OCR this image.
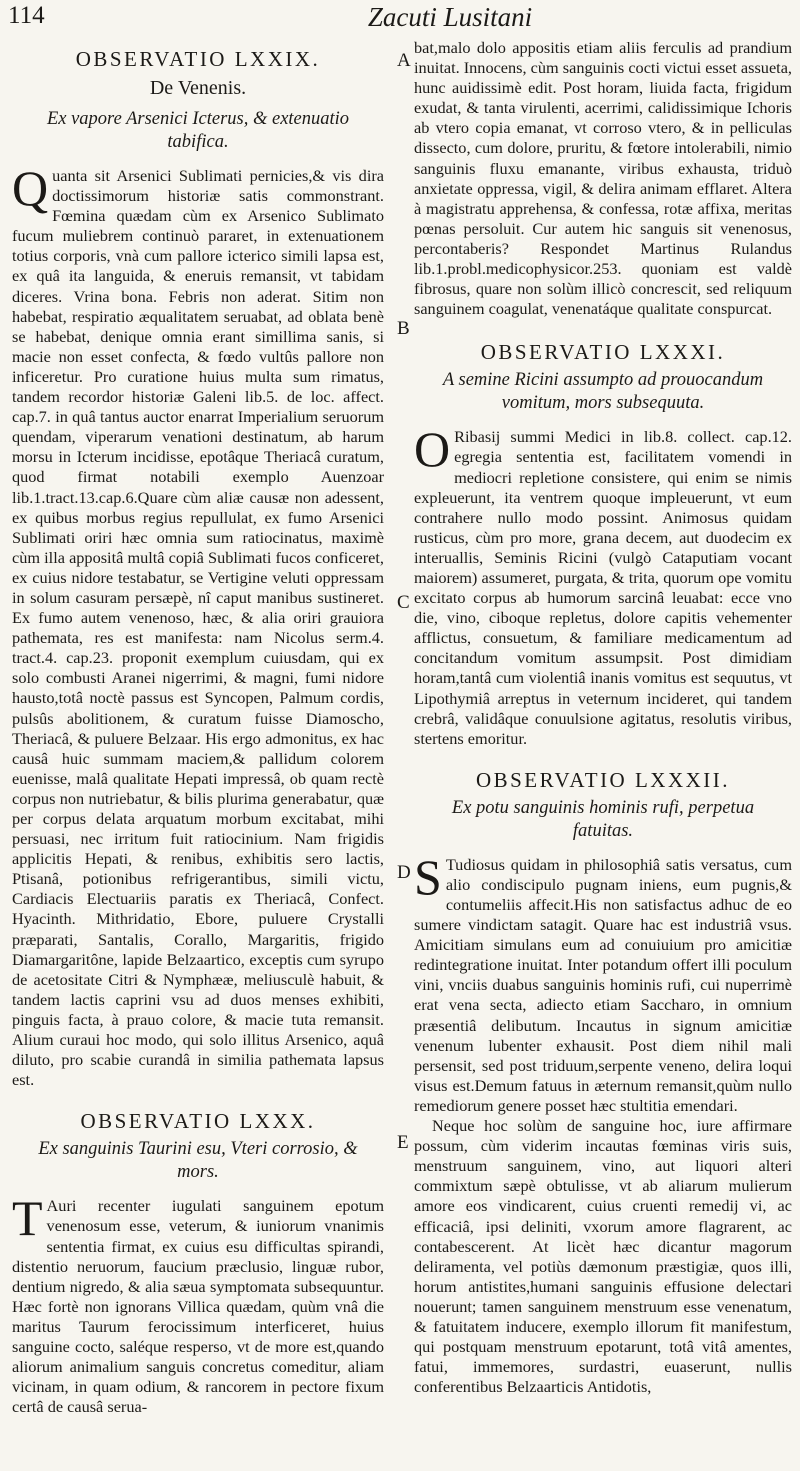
114	Zacuti Lusitani
A
B
C
D
E
OBSERVATIO LXXIX.
De Venenis.
Ex vapore Arsenici Icterus, & extenuatio tabifica.

Quanta sit Arsenici Sublimati pernicies,& vis dira doctissimorum historiæ satis commonstrant. Fœmina quædam cùm ex Arsenico Sublimato fucum muliebrem continuò pararet, in extenuationem totius corporis, vnà cum pallore icterico simili lapsa est, ex quâ ita languida, & eneruis remansit, vt tabidam diceres. Vrina bona. Febris non aderat. Sitim non habebat, respiratio æqualitatem seruabat, ad oblata benè se habebat, denique omnia erant simillima sanis, si macie non esset confecta, & fœdo vultûs pallore non inficeretur. Pro curatione huius multa sum rimatus, tandem recordor historiæ Galeni lib.5. de loc. affect. cap.7. in quâ tantus auctor enarrat Imperialium seruorum quendam, viperarum venationi destinatum, ab harum morsu in Icterum incidisse, epotâque Theriacâ curatum, quod firmat notabili exemplo Auenzoar lib.1.tract.13.cap.6.Quare cùm aliæ causæ non adessent, ex quibus morbus regius repullulat, ex fumo Arsenici Sublimati oriri hæc omnia sum ratiocinatus, maximè cùm illa appositâ multâ copiâ Sublimati fucos conficeret, ex cuius nidore testabatur, se Vertigine veluti oppressam in solum casuram persæpè, nî caput manibus sustineret. Ex fumo autem venenoso, hæc, & alia oriri grauiora pathemata, res est manifesta: nam Nicolus serm.4. tract.4. cap.23. proponit exemplum cuiusdam, qui ex solo combusti Aranei nigerrimi, & magni, fumi nidore hausto,totâ noctè passus est Syncopen, Palmum cordis, pulsûs abolitionem, & curatum fuisse Diamoscho, Theriacâ, & puluere Belzaar. His ergo admonitus, ex hac causâ huic summam maciem,& pallidum colorem euenisse, malâ qualitate Hepati impressâ, ob quam rectè corpus non nutriebatur, & bilis plurima generabatur, quæ per corpus delata arquatum morbum excitabat, mihi persuasi, nec irritum fuit ratiocinium. Nam frigidis applicitis Hepati, & renibus, exhibitis sero lactis, Ptisanâ, potionibus refrigerantibus, simili victu, Cardiacis Electuariis paratis ex Theriacâ, Confect. Hyacinth. Mithridatio, Ebore, puluere Crystalli præparati, Santalis, Corallo, Margaritis, frigido Diamargaritône, lapide Belzaartico, exceptis cum syrupo de acetositate Citri & Nymphææ, meliusculè habuit, & tandem lactis caprini vsu ad duos menses exhibiti, pinguis facta, à prauo colore, & macie tuta remansit. Alium curaui hoc modo, qui solo illitus Arsenico, aquâ diluto, pro scabie curandâ in similia pathemata lapsus est.

OBSERVATIO LXXX.
Ex sanguinis Taurini esu, Vteri corrosio, & mors.

T Auri recenter iugulati sanguinem epotum venenosum esse, veterum, & iuniorum vnanimis sententia firmat, ex cuius esu difficultas spirandi, distentio neruorum, faucium præclusio, linguæ rubor, dentium nigredo, & alia sæua symptomata subsequuntur. Hæc fortè non ignorans Villica quædam, quùm vnâ die maritus Taurum ferocissimum interficeret, huius sanguine cocto, saléque respersο, vt de more est,quando aliorum animalium sanguis concretus comeditur, aliam vicinam, in quam odium, & rancorem in pectore fixum certâ de causâ serua-

bat,malo dolo appositis etiam aliis ferculis ad prandium inuitat. Innocens, cùm sanguinis cocti victui esset assueta, hunc auidissimè edit. Post horam, liuida facta, frigidum exudat, & tanta virulenti, acerrimi, calidissimique Ichoris ab vtero copia emanat, vt corroso vtero, & in pelliculas dissecto, cum dolore, pruritu, & fœtore intolerabili, nimio sanguinis fluxu emanante, viribus exhausta, triduò anxietate oppressa, vigil, & delira animam efflaret. Altera à magistratu apprehensa, & confessa, rotæ affixa, meritas pœnas persoluit. Cur autem hic sanguis sit venenosus, percontaberis? Respondet Martinus Rulandus lib.1.probl.medicophysicor.253. quoniam est valdè fibrosus, quare non solùm illicò concrescit, sed reliquum sanguinem coagulat, venenatáque qualitate conspurcat.

OBSERVATIO LXXXI.
A semine Ricini assumpto ad prouocandum vomitum, mors subsequuta.

O Ribasij summi Medici in lib.8. collect. cap.12. egregia sententia est, facilitatem vomendi in mediocri repletione consistere, qui enim se nimis expleuerunt, ita ventrem quoque impleuerunt, vt eum contrahere nullo modo possint. Animosus quidam rusticus, cùm pro more, grana decem, aut duodecim ex interuallis, Seminis Ricini (vulgò Cataputiam vocant maiorem) assumeret, purgata, & trita, quorum ope vomitu excitato corpus ab humorum sarcinâ leuabat: ecce vno die, vino, ciboque repletus, dolore capitis vehementer afflictus, consuetum, & familiare medicamentum ad concitandum vomitum assumpsit. Post dimidiam horam,tantâ cum violentiâ inanis vomitus est sequutus, vt Lipothymiâ arreptus in veternum incideret, qui tandem crebrâ, validâque conuulsione agitatus, resolutis viribus, stertens emoritur.

OBSERVATIO LXXXII.
Ex potu sanguinis hominis rufi, perpetua fatuitas.

S Tudiosus quidam in philosophiâ satis versatus, cum alio condiscipulo pugnam iniens, eum pugnis,& contumeliis affecit.His non satisfactus adhuc de eo sumere vindictam satagit. Quare hac est industriâ vsus. Amicitiam simulans eum ad conuiuium pro amicitiæ redintegratione inuitat. Inter potandum offert illi poculum vini, vnciis duabus sanguinis hominis rufi, cui nuperrimè erat vena secta, adiecto etiam Sacchаro, in omnium præsentiâ delibutum. Incautus in signum amicitiæ venenum lubenter exhausit. Post diem nihil mali persensit, sed post triduum,serpente veneno, delira loqui visus est.Demum fatuus in æternum remansit,quùm nullo remediorum genere posset hæc stultitia emendari.

Neque hoc solùm de sanguine hoc, iure affirmare possum, cùm viderim incautas fœminas viris suis, menstruum sanguinem, vino, aut liquori alteri commixtum sæpè obtulisse, vt ab aliarum mulierum amore eos vindicarent, cuius cruenti remedij vi, ac efficaciâ, ipsi deliniti, vxorum amore flagrarent, ac contabescerent. At licèt hæc dicantur magorum deliramenta, vel potiùs dæmonum præstigiæ, quos illi, horum antistites,humani sanguinis effusione delectari nouerunt; tamen sanguinem menstruum esse venenatum, & fatuitatem inducere, exemplo illorum fit manifestum, qui postquam menstruum epotarunt, totâ vitâ amentes, fatui, immemores, surdastri, euaserunt, nullis conferentibus Belzaarticis Antidotis,
